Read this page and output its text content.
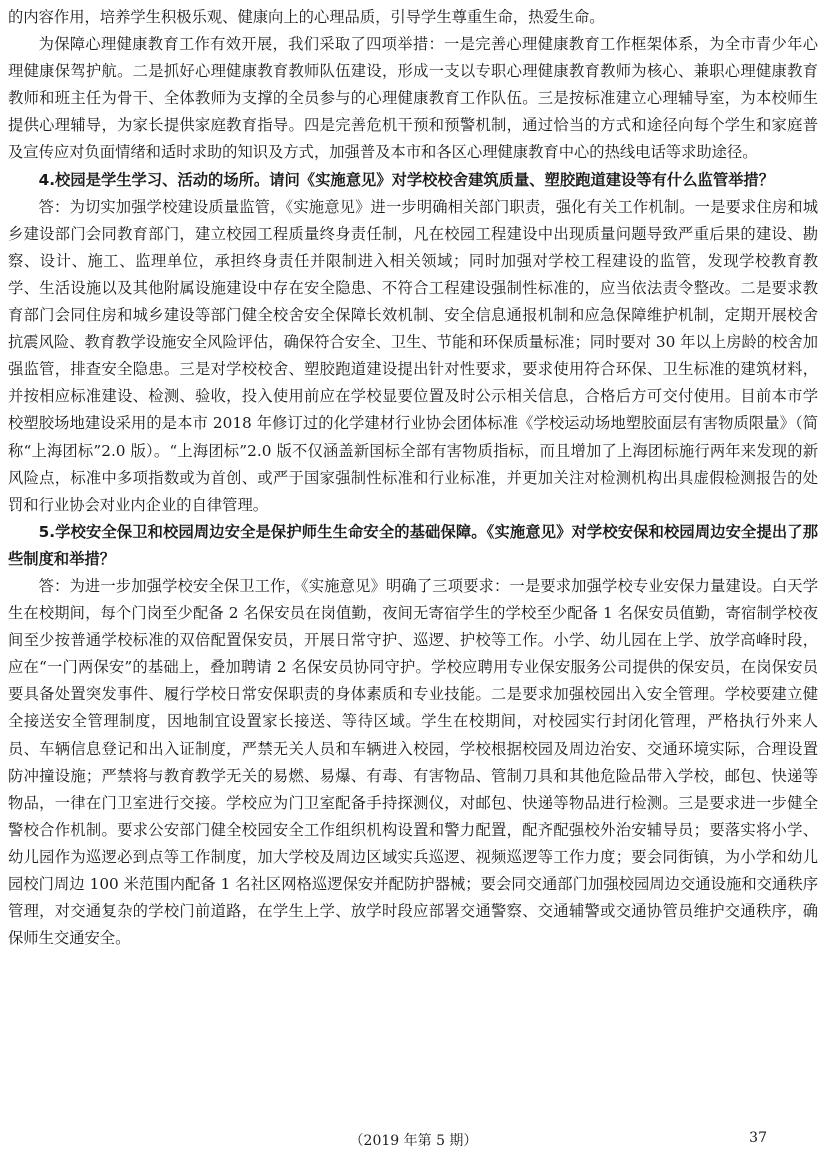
的内容作用，培养学生积极乐观、健康向上的心理品质，引导学生尊重生命，热爱生命。

为保障心理健康教育工作有效开展，我们采取了四项举措：一是完善心理健康教育工作框架体系，为全市青少年心理健康保驾护航。二是抓好心理健康教育教师队伍建设，形成一支以专职心理健康教育教师为核心、兼职心理健康教育教师和班主任为骨干、全体教师为支撑的全员参与的心理健康教育工作队伍。三是按标准建立心理辅导室，为本校师生提供心理辅导，为家长提供家庭教育指导。四是完善危机干预和预警机制，通过恰当的方式和途径向每个学生和家庭普及宣传应对负面情绪和适时求助的知识及方式，加强普及本市和各区心理健康教育中心的热线电话等求助途径。

4.校园是学生学习、活动的场所。请问《实施意见》对学校校舍建筑质量、塑胶跑道建设等有什么监管举措？

答：为切实加强学校建设质量监管，《实施意见》进一步明确相关部门职责，强化有关工作机制。一是要求住房和城乡建设部门会同教育部门，建立校园工程质量终身责任制，凡在校园工程建设中出现质量问题导致严重后果的建设、勘察、设计、施工、监理单位，承担终身责任并限制进入相关领域；同时加强对学校工程建设的监管，发现学校教育教学、生活设施以及其他附属设施建设中存在安全隐患、不符合工程建设强制性标准的，应当依法责令整改。二是要求教育部门会同住房和城乡建设等部门健全校舍安全保障长效机制、安全信息通报机制和应急保障维护机制，定期开展校舍抗震风险、教育教学设施安全风险评估，确保符合安全、卫生、节能和环保质量标准；同时要对 30 年以上房龄的校舍加强监管，排查安全隐患。三是对学校校舍、塑胶跑道建设提出针对性要求，要求使用符合环保、卫生标准的建筑材料，并按相应标准建设、检测、验收，投入使用前应在学校显要位置及时公示相关信息，合格后方可交付使用。目前本市学校塑胶场地建设采用的是本市 2018 年修订过的化学建材行业协会团体标准《学校运动场地塑胶面层有害物质限量》（简称“上海团标”2.0 版）。“上海团标”2.0 版不仅涵盖新国标全部有害物质指标，而且增加了上海团标施行两年来发现的新风险点，标准中多项指数或为首创、或严于国家强制性标准和行业标准，并更加关注对检测机构出具虚假检测报告的处罚和行业协会对业内企业的自律管理。

5.学校安全保卫和校园周边安全是保护师生生命安全的基础保障。《实施意见》对学校安保和校园周边安全提出了那些制度和举措？

答：为进一步加强学校安全保卫工作，《实施意见》明确了三项要求：一是要求加强学校专业安保力量建设。白天学生在校期间，每个门岗至少配备 2 名保安员在岗值勤，夜间无寄宿学生的学校至少配备 1 名保安员值勤，寄宿制学校夜间至少按普通学校标准的双倍配置保安员，开展日常守护、巡逻、护校等工作。小学、幼儿园在上学、放学高峰时段，应在“一门两保安”的基础上，叠加聘请 2 名保安员协同守护。学校应聘用专业保安服务公司提供的保安员，在岗保安员要具备处置突发事件、履行学校日常安保职责的身体素质和专业技能。二是要求加强校园出入安全管理。学校要建立健全接送安全管理制度，因地制宜设置家长接送、等待区域。学生在校期间，对校园实行封闭化管理，严格执行外来人员、车辆信息登记和出入证制度，严禁无关人员和车辆进入校园，学校根据校园及周边治安、交通环境实际，合理设置防冲撞设施；严禁将与教育教学无关的易燃、易爆、有毒、有害物品、管制刀具和其他危险品带入学校，邮包、快递等物品，一律在门卫室进行交接。学校应为门卫室配备手持探测仪，对邮包、快递等物品进行检测。三是要求进一步健全警校合作机制。要求公安部门健全校园安全工作组织机构设置和警力配置，配齐配强校外治安辅导员；要落实将小学、幼儿园作为巡逻必到点等工作制度，加大学校及周边区域实兵巡逻、视频巡逻等工作力度；要会同街镇，为小学和幼儿园校门周边 100 米范围内配备 1 名社区网格巡逻保安并配防护器械；要会同交通部门加强校园周边交通设施和交通秩序管理，对交通复杂的学校门前道路，在学生上学、放学时段应部署交通警察、交通辅警或交通协管员维护交通秩序，确保师生交通安全。

（2019 年第 5 期）	37
